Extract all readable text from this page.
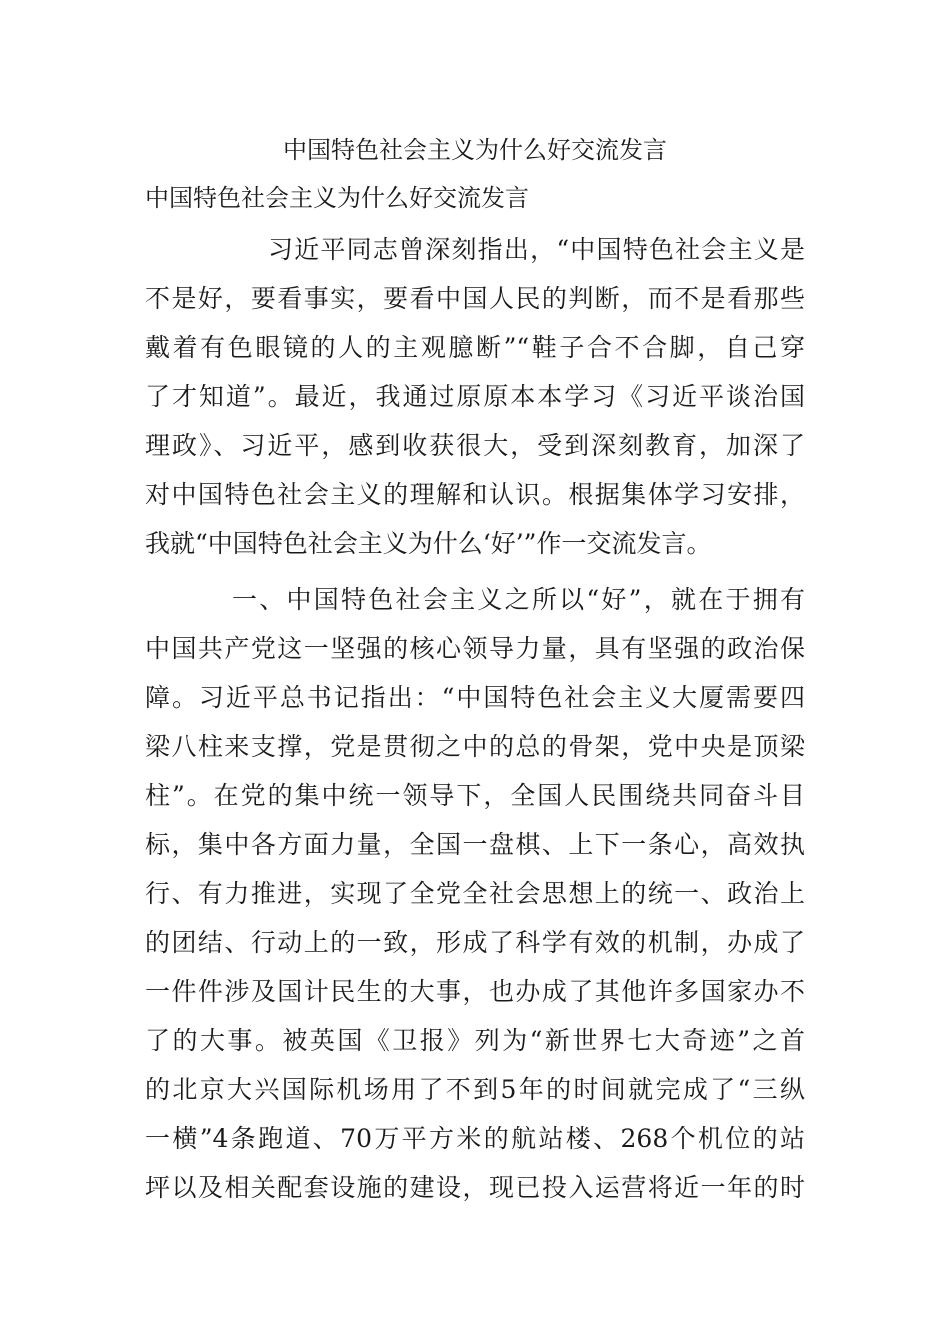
中国特色社会主义为什么好交流发言
中国特色社会主义为什么好交流发言

习近平同志曾深刻指出，“中国特色社会主义是

不是好，要看事实，要看中国人民的判断，而不是看那些

戴着有色眼镜的人的主观臆断”“鞋子合不合脚，自己穿

了才知道”。最近，我通过原原本本学习《习近平谈治国

理政》、习近平，感到收获很大，受到深刻教育，加深了

对中国特色社会主义的理解和认识。根据集体学习安排，

我就“中国特色社会主义为什么‘好’”作一交流发言。

一、中国特色社会主义之所以“好”，就在于拥有

中国共产党这一坚强的核心领导力量，具有坚强的政治保

障。习近平总书记指出：“中国特色社会主义大厦需要四

梁八柱来支撑，党是贯彻之中的总的骨架，党中央是顶梁

柱”。在党的集中统一领导下，全国人民围绕共同奋斗目

标，集中各方面力量，全国一盘棋、上下一条心，高效执

行、有力推进，实现了全党全社会思想上的统一、政治上

的团结、行动上的一致，形成了科学有效的机制，办成了

一件件涉及国计民生的大事，也办成了其他许多国家办不

了的大事。被英国《卫报》列为“新世界七大奇迹”之首

的北京大兴国际机场用了不到5年的时间就完成了“三纵

一横”4条跑道、70万平方米的航站楼、268个机位的站

坪以及相关配套设施的建设，现已投入运营将近一年的时
